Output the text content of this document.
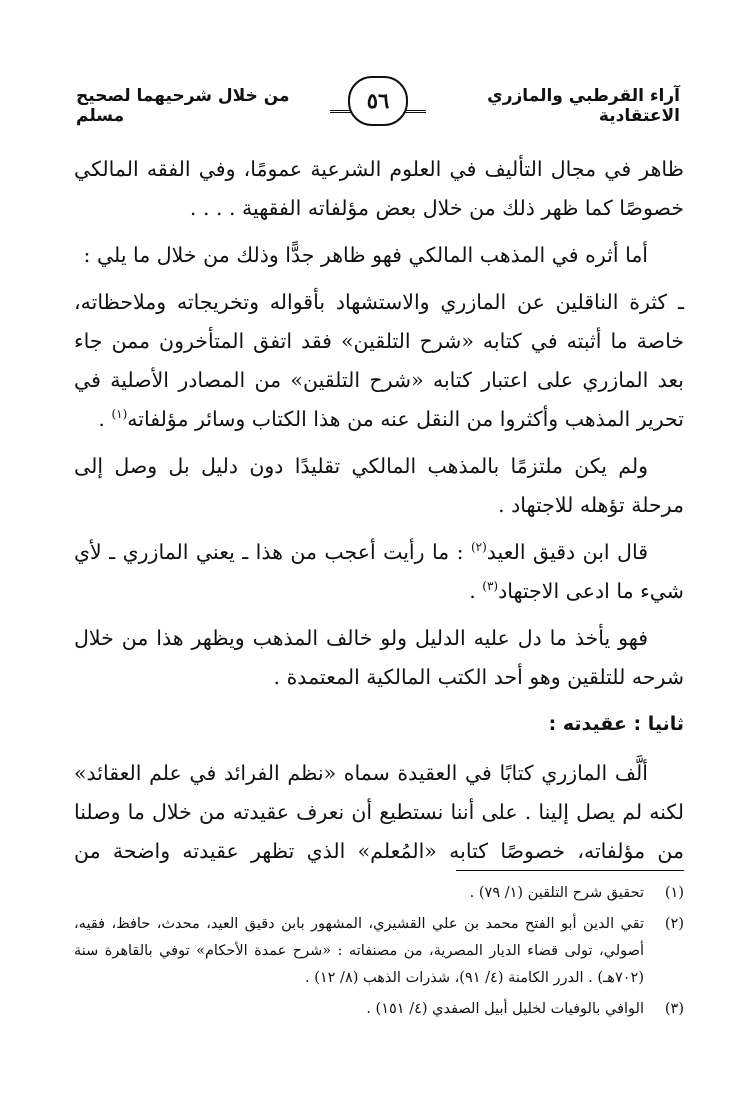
آراء القرطبي والمازري الاعتقادية
٥٦
من خلال شرحيهما لصحيح مسلم

ظاهر في مجال التأليف في العلوم الشرعية عمومًا، وفي الفقه المالكي خصوصًا كما ظهر ذلك من خلال بعض مؤلفاته الفقهية . . . .

أما أثره في المذهب المالكي فهو ظاهر جدًّا وذلك من خلال ما يلي :

ـ كثرة الناقلين عن المازري والاستشهاد بأقواله وتخريجاته وملاحظاته، خاصة ما أثبته في كتابه «شرح التلقين» فقد اتفق المتأخرون ممن جاء بعد المازري على اعتبار كتابه «شرح التلقين» من المصادر الأصلية في تحرير المذهب وأكثروا من النقل عنه من هذا الكتاب وسائر مؤلفاته$^{(١)}$ .

ولم يكن ملتزمًا بالمذهب المالكي تقليدًا دون دليل بل وصل إلى مرحلة تؤهله للاجتهاد .

قال ابن دقيق العيد$^{(٢)}$ : ما رأيت أعجب من هذا ـ يعني المازري ـ لأي شيء ما ادعى الاجتهاد$^{(٣)}$ .

فهو يأخذ ما دل عليه الدليل ولو خالف المذهب ويظهر هذا من خلال شرحه للتلقين وهو أحد الكتب المالكية المعتمدة .

ثانيا : عقيدته :

ألَّف المازري كتابًا في العقيدة سماه «نظم الفرائد في علم العقائد» لكنه لم يصل إلينا . على أننا نستطيع أن نعرف عقيدته من خلال ما وصلنا من مؤلفاته، خصوصًا كتابه «المُعلم» الذي تظهر عقيدته واضحة من

(١)
تحقيق شرح التلقين (١/ ٧٩) .
(٢)
تقي الدين أبو الفتح محمد بن علي القشيري، المشهور بابن دقيق العيد، محدث، حافظ، فقيه، أصولي، تولى قضاء الديار المصرية، من مصنفاته : «شرح عمدة الأحكام» توفي بالقاهرة سنة (٧٠٢هـ) . الدرر الكامنة (٤/ ٩١)، شذرات الذهب (٨/ ١٢) .
(٣)
الوافي بالوفيات لخليل أبيل الصفدي (٤/ ١٥١) .
